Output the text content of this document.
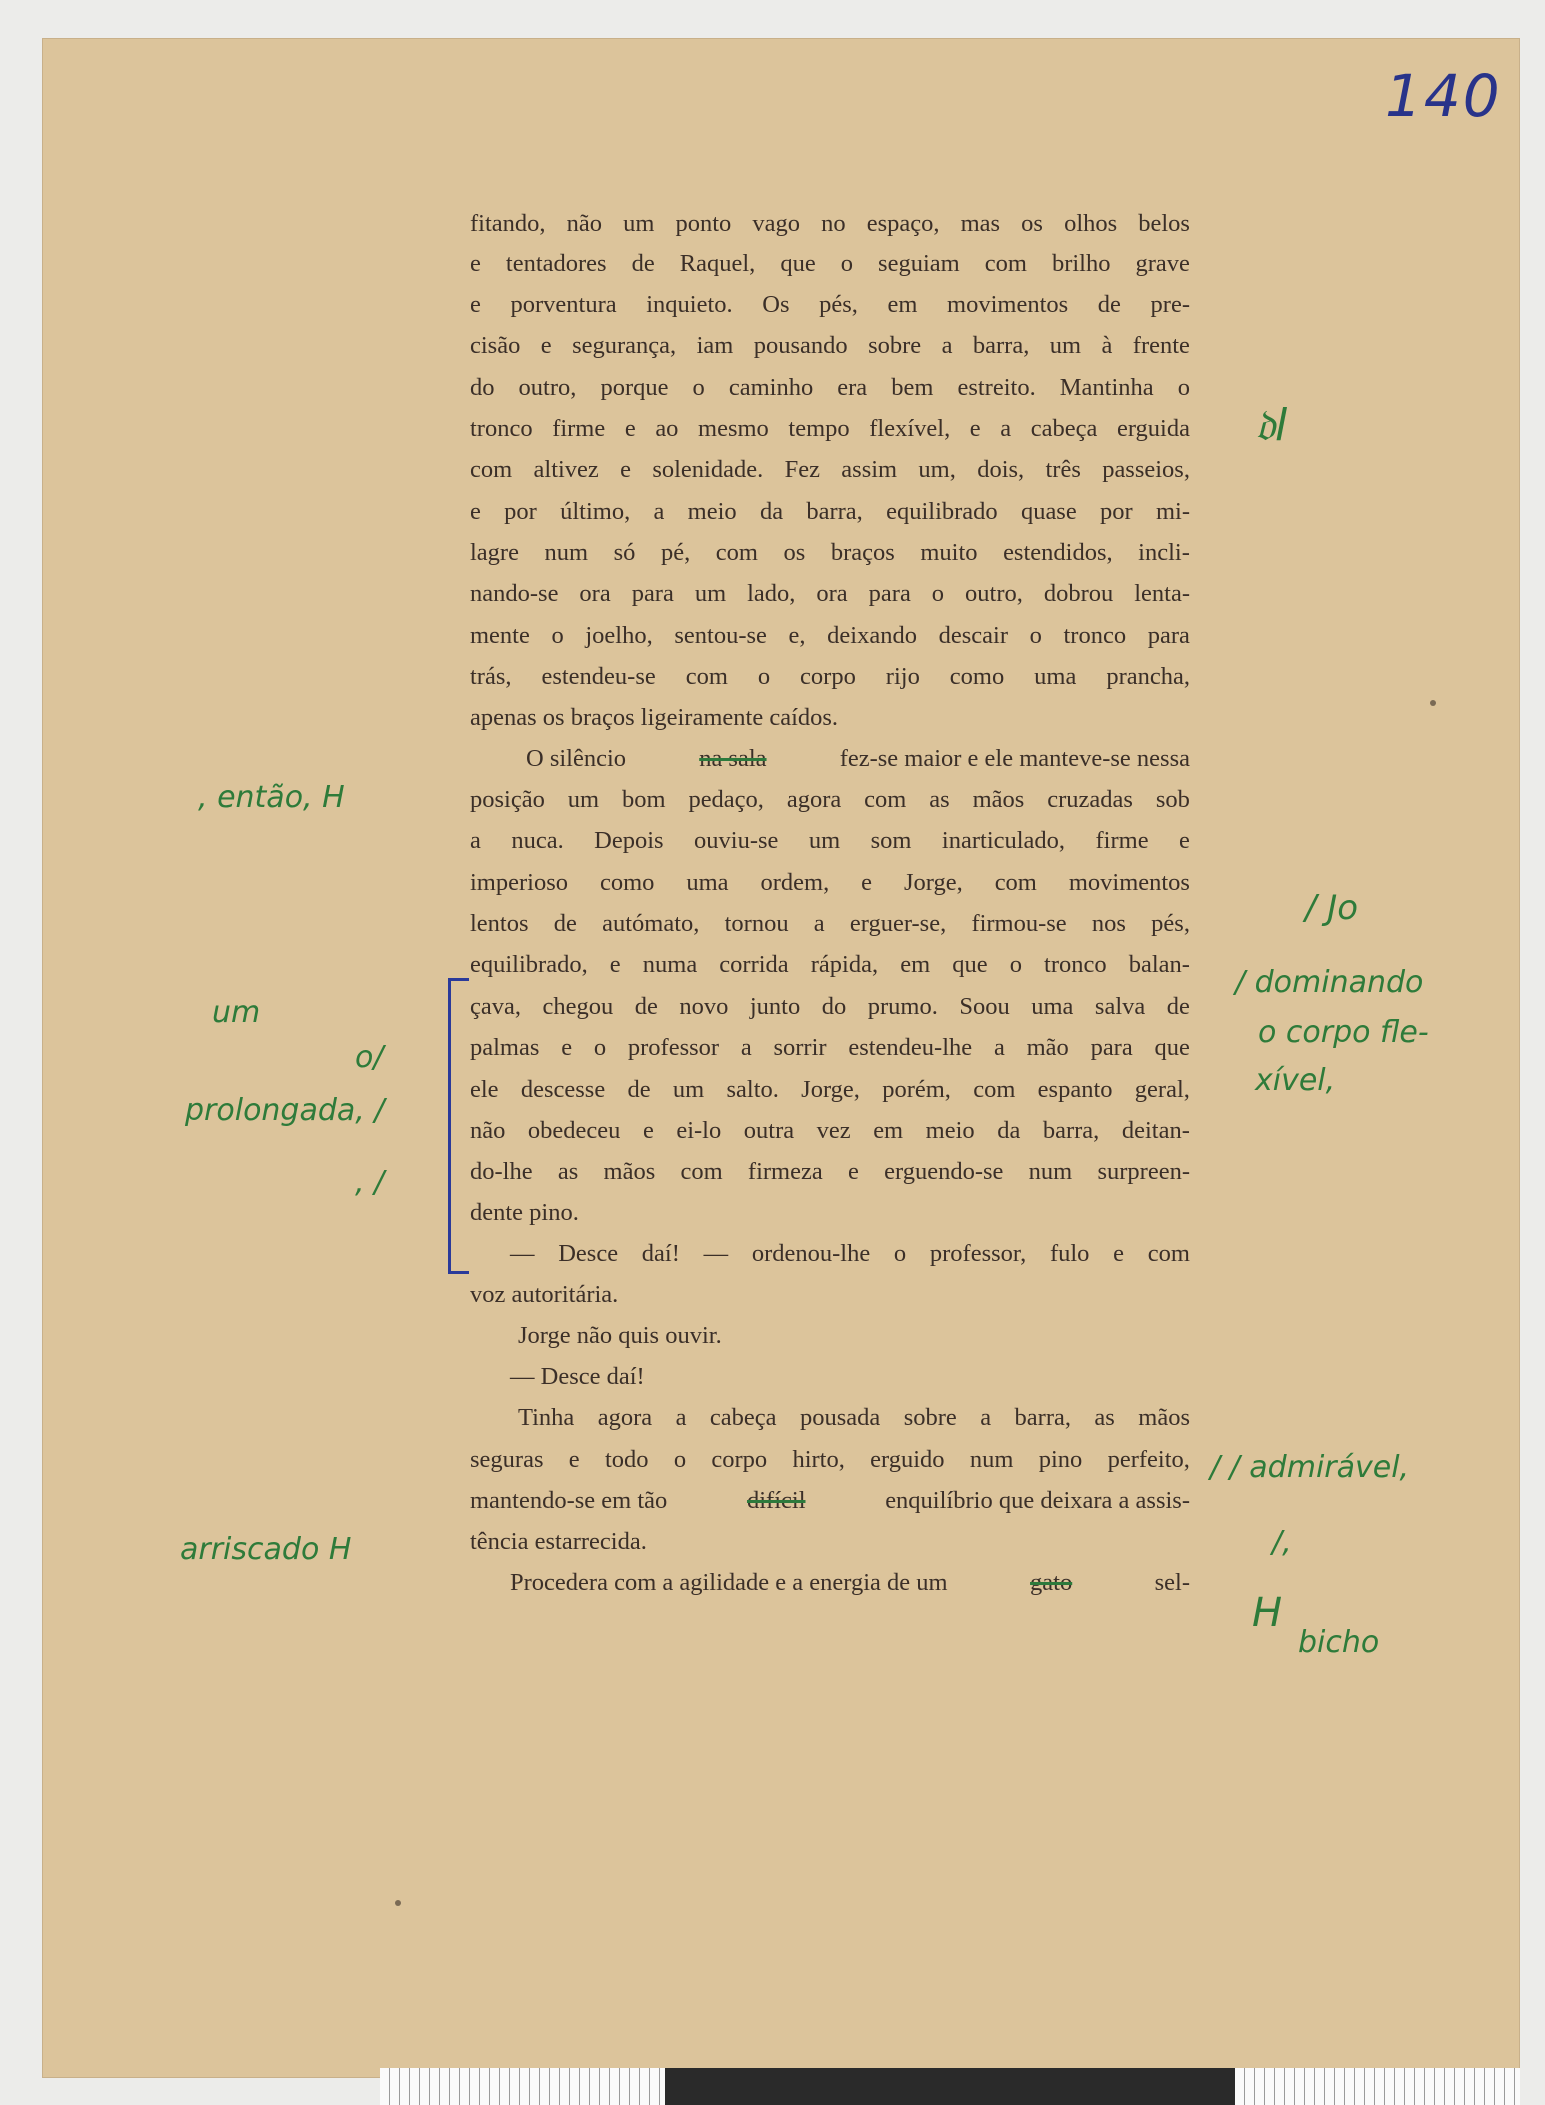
140
fitando, não um ponto vago no espaço, mas os olhos belos
e tentadores de Raquel, que o seguiam com brilho grave
e porventura inquieto. Os pés, em movimentos de pre-
cisão e segurança, iam pousando sobre a barra, um à frente
do outro, porque o caminho era bem estreito. Mantinha o
tronco firme e ao mesmo tempo flexível, e a cabeça erguida
com altivez e solenidade. Fez assim um, dois, três passeios,
e por último, a meio da barra, equilibrado quase por mi-
lagre num só pé, com os braços muito estendidos, incli-
nando-se ora para um lado, ora para o outro, dobrou lenta-
mente o joelho, sentou-se e, deixando descair o tronco para
trás, estendeu-se com o corpo rijo como uma prancha,
apenas os braços ligeiramente caídos.
O silêncio	na sala	fez-se maior e ele manteve-se nessa
posição um bom pedaço, agora com as mãos cruzadas sob
a nuca. Depois ouviu-se um som inarticulado, firme e
imperioso como uma ordem, e Jorge, com movimentos
lentos de autómato, tornou a erguer-se, firmou-se nos pés,
equilibrado, e numa corrida rápida, em que o tronco balan-
çava, chegou de novo junto do prumo. Soou uma salva de
palmas e o professor a sorrir estendeu-lhe a mão para que
ele descesse de um salto. Jorge, porém, com espanto geral,
não obedeceu e ei-lo outra vez em meio da barra, deitan-
do-lhe as mãos com firmeza e erguendo-se num surpreen-
dente pino.
— Desce daí! — ordenou-lhe o professor, fulo e com
voz autoritária.
Jorge não quis ouvir.
— Desce daí!
Tinha agora a cabeça pousada sobre a barra, as mãos
seguras e todo o corpo hirto, erguido num pino perfeito,
mantendo-se em tão	difícil	enquilíbrio que deixara a assis-
tência estarrecida.
Procedera com a agilidade e a energia de um	gato	sel-
𝔡l
, então, H
/ Jo
um
o/
prolongada, /
, /
/ dominando
o corpo fle-
xível,
/ / admirável,
/,
arriscado H
H
bicho
